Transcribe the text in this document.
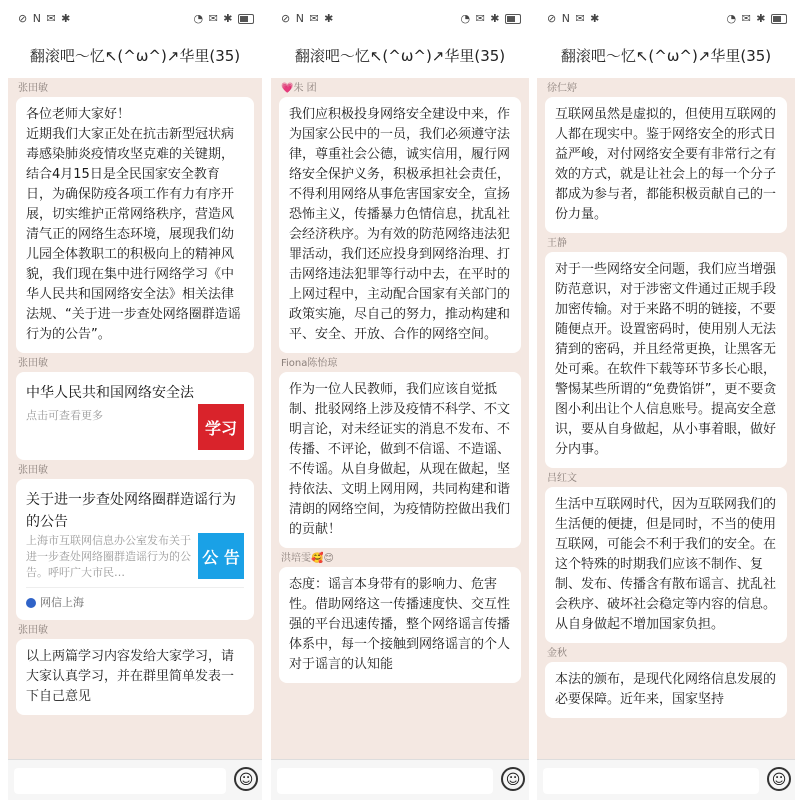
⊘ N ✉ ✱	◔ ✉ ✱
翻滚吧～忆↖(^ω^)↗华里(35)
张田敏
各位老师大家好！
近期我们大家正处在抗击新型冠状病毒感染肺炎疫情攻坚克难的关键期，结合4月15日是全民国家安全教育日，为确保防疫各项工作有力有序开展，切实维护正常网络秩序，营造风清气正的网络生态环境，展现我们幼儿园全体教职工的积极向上的精神风貌，我们现在集中进行网络学习《中华人民共和国网络安全法》相关法律法规、“关于进一步查处网络圈群造谣行为的公告”。
张田敏
中华人民共和国网络安全法
点击可查看更多
学习
张田敏
关于进一步查处网络圈群造谣行为的公告
上海市互联网信息办公室发布关于进一步查处网络圈群造谣行为的公告。呼吁广大市民…
公 告
网信上海
张田敏
以上两篇学习内容发给大家学习，请大家认真学习，并在群里简单发表一下自己意见
☺
⊘ N ✉ ✱	◔ ✉ ✱
翻滚吧～忆↖(^ω^)↗华里(35)
💗朱 团
我们应积极投身网络安全建设中来，作为国家公民中的一员，我们必须遵守法律，尊重社会公德，诚实信用，履行网络安全保护义务，积极承担社会责任，不得利用网络从事危害国家安全，宣扬恐怖主义，传播暴力色情信息，扰乱社会经济秩序。为有效的防范网络违法犯罪活动，我们还应投身到网络治理、打击网络违法犯罪等行动中去，在平时的上网过程中，主动配合国家有关部门的政策实施，尽自己的努力，推动构建和平、安全、开放、合作的网络空间。
Fiona陈怡琼
作为一位人民教师，我们应该自觉抵制、批驳网络上涉及疫情不科学、不文明言论，对未经证实的消息不发布、不传播、不评论，做到不信谣、不造谣、不传谣。从自身做起，从现在做起，坚持依法、文明上网用网，共同构建和谐清朗的网络空间，为疫情防控做出我们的贡献！
洪培雯🥰😊
态度：谣言本身带有的影响力、危害性。借助网络这一传播速度快、交互性强的平台迅速传播，整个网络谣言传播体系中，每一个接触到网络谣言的个人对于谣言的认知能
☺
⊘ N ✉ ✱	◔ ✉ ✱
翻滚吧～忆↖(^ω^)↗华里(35)
徐仁婷
互联网虽然是虚拟的，但使用互联网的人都在现实中。鉴于网络安全的形式日益严峻，对付网络安全要有非常行之有效的方式，就是让社会上的每一个分子都成为参与者，都能积极贡献自己的一份力量。
王静
对于一些网络安全问题，我们应当增强防范意识，对于涉密文件通过正规手段加密传输。对于来路不明的链接，不要随便点开。设置密码时，使用别人无法猜到的密码，并且经常更换，让黑客无处可乘。在软件下载等环节多长心眼，警惕某些所谓的“免费馅饼”，更不要贪图小利出让个人信息账号。提高安全意识，要从自身做起，从小事着眼，做好分内事。
吕红文
生活中互联网时代，因为互联网我们的生活便的便捷，但是同时，不当的使用互联网，可能会不利于我们的安全。在这个特殊的时期我们应该不制作、复制、发布、传播含有散布谣言、扰乱社会秩序、破坏社会稳定等内容的信息。从自身做起不增加国家负担。
金秋
本法的颁布，是现代化网络信息发展的必要保障。近年来，国家坚持
☺
